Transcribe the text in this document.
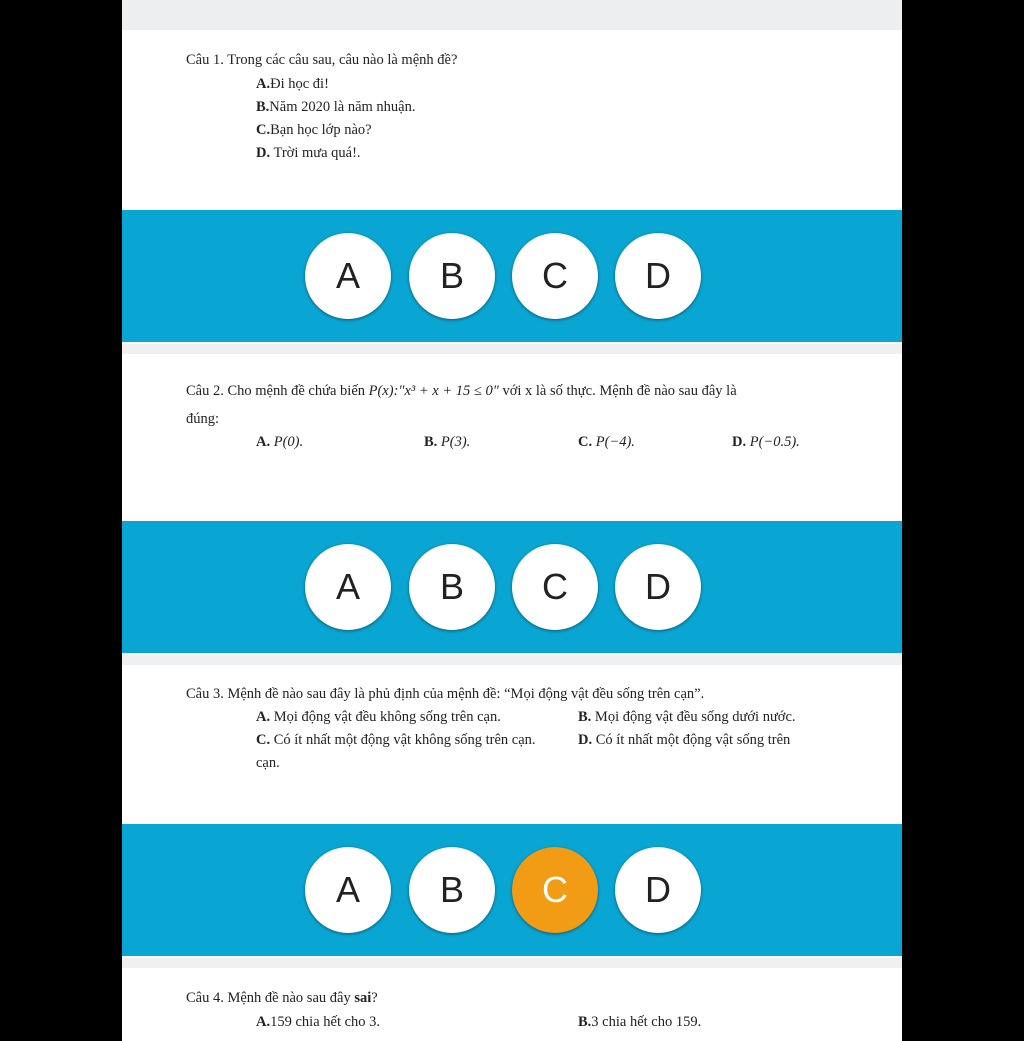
Câu 1. Trong các câu sau, câu nào là mệnh đề?
A.Đi học đi!
B.Năm 2020 là năm nhuận.
C.Bạn học lớp nào?
D. Trời mưa quá!.
A	B	C	D
Câu 2. Cho mệnh đề chứa biến P(x):"x³ + x + 15 ≤ 0" với x là số thực. Mệnh đề nào sau đây là
đúng:
A. P(0).	B. P(3).	C. P(−4).	D. P(−0.5).
A	B	C	D
Câu 3. Mệnh đề nào sau đây là phủ định của mệnh đề: “Mọi động vật đều sống trên cạn”.
A. Mọi động vật đều không sống trên cạn.	B. Mọi động vật đều sống dưới nước.
C. Có ít nhất một động vật không sống trên cạn.	D. Có ít nhất một động vật sống trên
cạn.
A	B	C	D
Câu 4. Mệnh đề nào sau đây sai?
A.159 chia hết cho 3.	B.3 chia hết cho 159.
